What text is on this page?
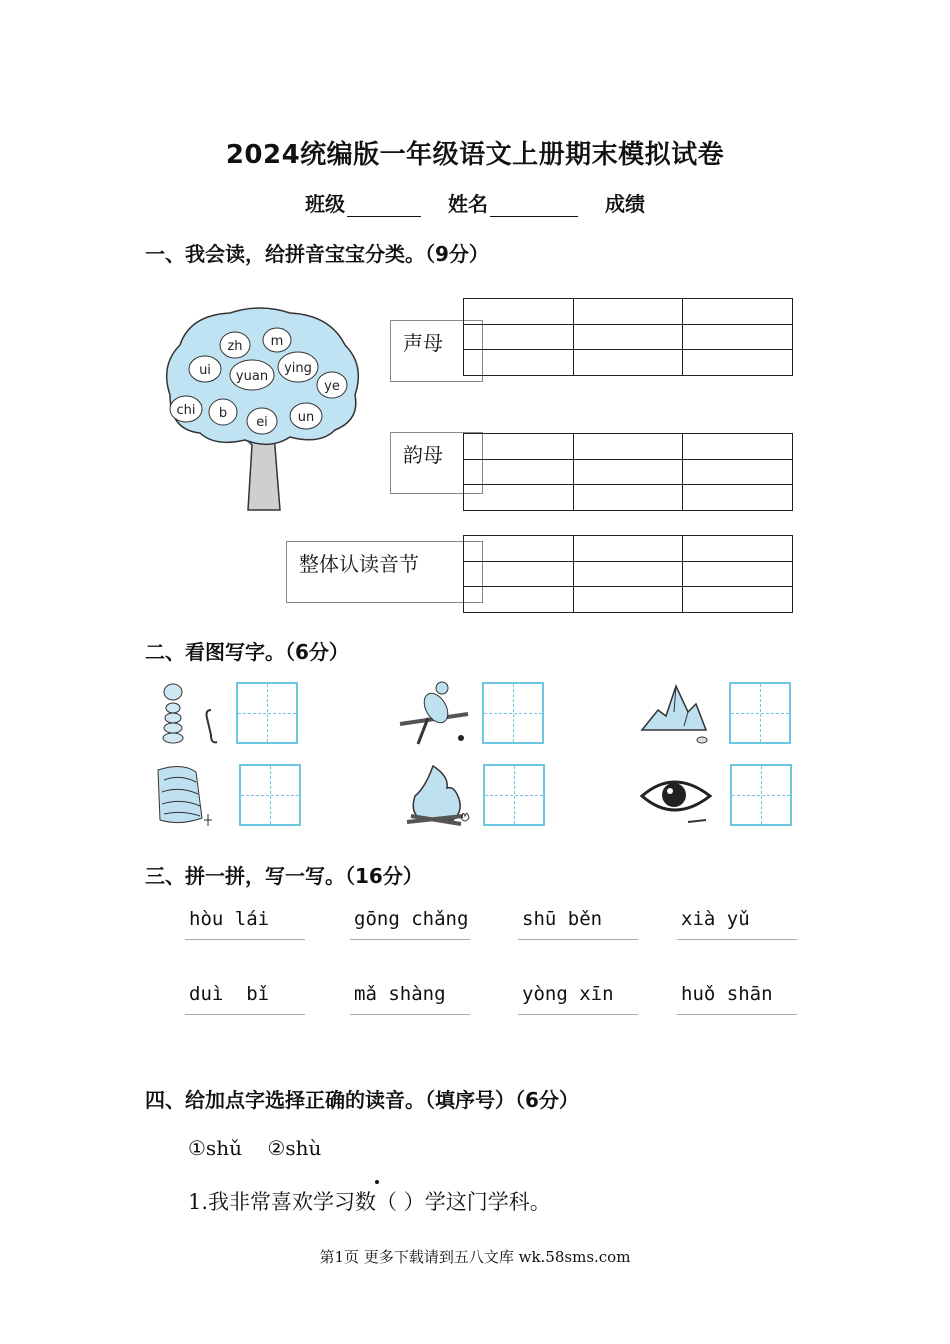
2024统编版一年级语文上册期末模拟试卷
班级	姓名	成绩
一、我会读，给拼音宝宝分类。（9分）
zh m
ui yuan
ying
ye
chi b
ei un
声母

韵母

整体认读音节

二、看图写字。（6分）
三、拼一拼，写一写。（16分）
hòu lái	gōng chǎng	shū běn	xià yǔ
duì  bǐ	mǎ shàng	yòng xīn	huǒ shān
四、给加点字选择正确的读音。（填序号）（6分）
①shǔ    ②shù
1.我非常喜欢学习数（ ）学这门学科。
第1页 更多下载请到五八文库 wk.58sms.com
